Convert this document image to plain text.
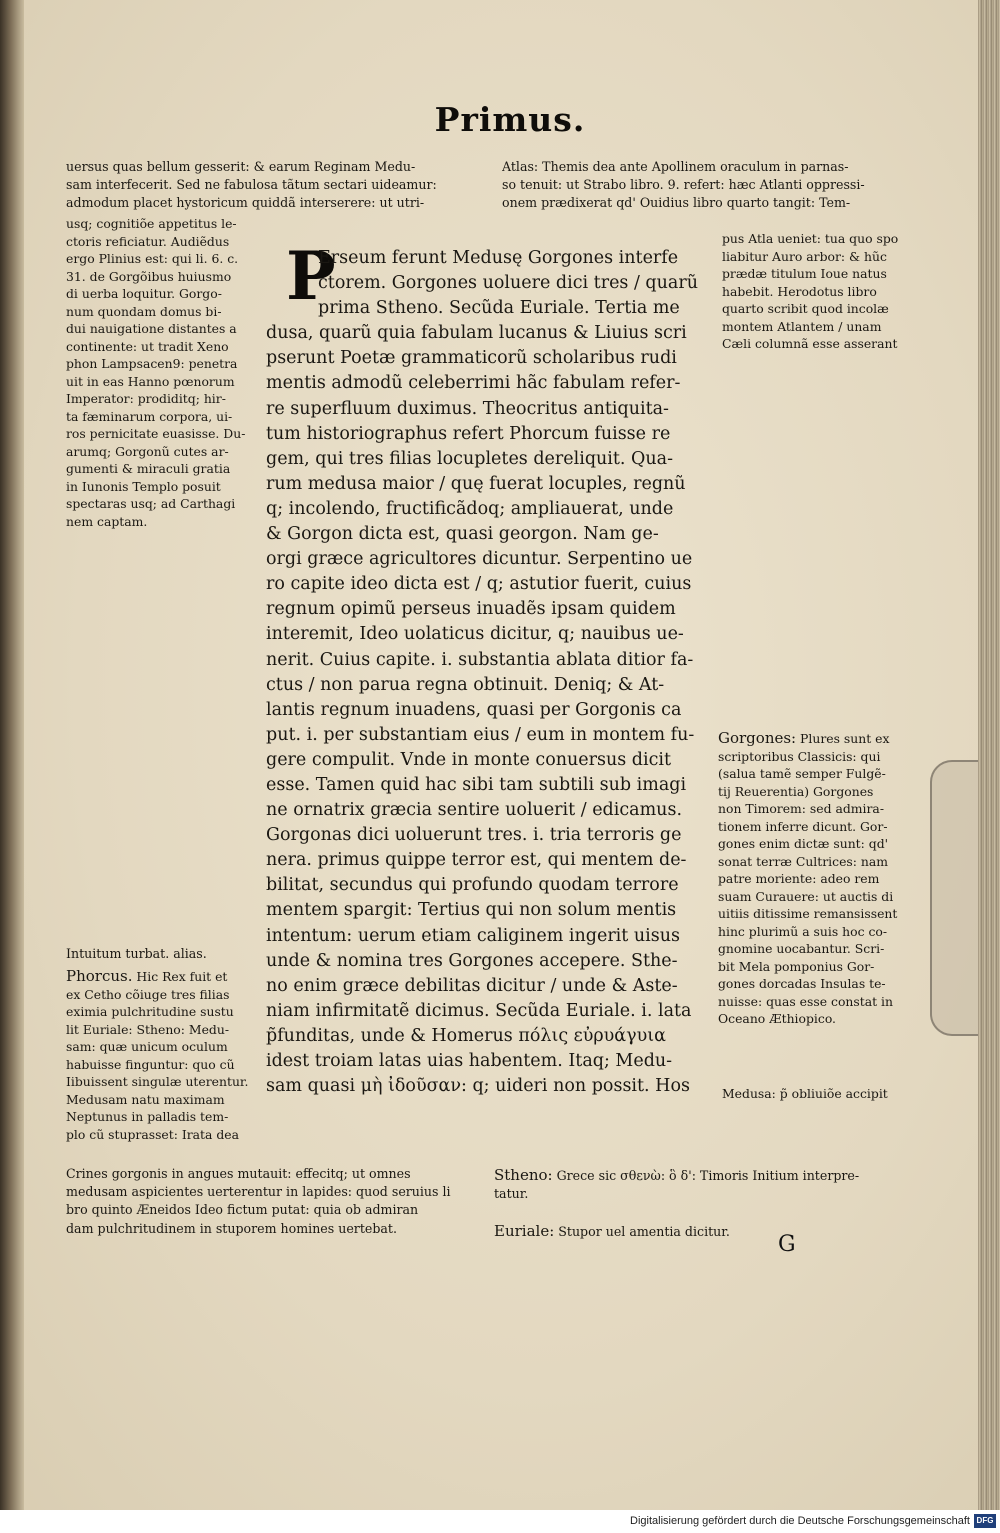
Primus.
uersus quas bellum gesserit: & earum Reginam Medu-
sam interfecerit. Sed ne fabulosa tãtum sectari uideamur:
admodum placet hystoricum quiddã interserere: ut utri-
Atlas: Themis dea ante Apollinem oraculum in parnas-
so tenuit: ut Strabo libro. 9. refert: hæc Atlanti oppressi-
onem prædixerat qd' Ouidius libro quarto tangit: Tem-
usq; cognitiõe appetitus le-
ctoris reficiatur. Audiẽdus
ergo Plinius est: qui li. 6. c.
31. de Gorgõibus huiusmo
di uerba loquitur. Gorgo-
num quondam domus bi-
dui nauigatione distantes a
continente: ut tradit Xeno
phon Lampsacen9: penetra
uit in eas Hanno pœnorum
Imperator: prodiditq; hir-
ta fæminarum corpora, ui-
ros pernicitate euasisse. Du-
arumq; Gorgonũ cutes ar-
gumenti & miraculi gratia
in Iunonis Templo posuit
spectaras usq; ad Carthagi
nem captam.
pus Atla ueniet: tua quo spo
liabitur Auro arbor: & hũc
prædæ titulum Ioue natus
habebit. Herodotus libro
quarto scribit quod incolæ
montem Atlantem / unam
Cæli columnã esse asserant
P
Erseum ferunt Medusę Gorgones interfe
ctorem. Gorgones uoluere dici tres / quarũ
prima Stheno. Secũda Euriale. Tertia me
dusa, quarũ quia fabulam lucanus & Liuius scri
pserunt Poetæ grammaticorũ scholaribus rudi
mentis admodũ celeberrimi hãc fabulam refer-
re superfluum duximus. Theocritus antiquita-
tum historiographus refert Phorcum fuisse re
gem, qui tres filias locupletes dereliquit. Qua-
rum medusa maior / quę fuerat locuples, regnũ
q; incolendo, fructificãdoq; ampliauerat, unde
& Gorgon dicta est, quasi georgon. Nam ge-
orgi græce agricultores dicuntur. Serpentino ue
ro capite ideo dicta est / q; astutior fuerit, cuius
regnum opimũ perseus inuadẽs ipsam quidem
interemit, Ideo uolaticus dicitur, q; nauibus ue-
nerit. Cuius capite. i. substantia ablata ditior fa-
ctus / non parua regna obtinuit. Deniq; & At-
lantis regnum inuadens, quasi per Gorgonis ca
put. i. per substantiam eius / eum in montem fu-
gere compulit. Vnde in monte conuersus dicit
esse. Tamen quid hac sibi tam subtili sub imagi
ne ornatrix græcia sentire uoluerit / edicamus.
Gorgonas dici uoluerunt tres. i. tria terroris ge
nera. primus quippe terror est, qui mentem de-
bilitat, secundus qui profundo quodam terrore
mentem spargit: Tertius qui non solum mentis
intentum: uerum etiam caliginem ingerit uisus
unde & nomina tres Gorgones accepere. Sthe-
no enim græce debilitas dicitur / unde & Aste-
niam infirmitatẽ dicimus. Secũda Euriale. i. lata
p̃funditas, unde & Homerus πόλις εὐρυάγυια
idest troiam latas uias habentem. Itaq; Medu-
sam quasi μὴ ἰδοῦσαν: q; uideri non possit. Hos
Gorgones: Plures sunt ex
scriptoribus Classicis: qui
(salua tamẽ semper Fulgẽ-
tij Reuerentia) Gorgones
non Timorem: sed admira-
tionem inferre dicunt. Gor-
gones enim dictæ sunt: qd'
sonat terræ Cultrices: nam
patre moriente: adeo rem
suam Curauere: ut auctis di
uitiis ditissime remansissent
hinc plurimũ a suis hoc co-
gnomine uocabantur. Scri-
bit Mela pomponius Gor-
gones dorcadas Insulas te-
nuisse: quas esse constat in
Oceano Æthiopico.
Medusa: p̃ obliuiõe accipit
Intuitum turbat. alias.
Phorcus. Hic Rex fuit et
ex Cetho cõiuge tres filias
eximia pulchritudine sustu
lit Euriale: Stheno: Medu-
sam: quæ unicum oculum
habuisse finguntur: quo cũ
Iibuissent singulæ uterentur.
Medusam natu maximam
Neptunus in palladis tem-
plo cũ stuprasset: Irata dea
Crines gorgonis in angues mutauit: effecitq; ut omnes
medusam aspicientes uerterentur in lapides: quod seruius li
bro quinto Æneidos Ideo fictum putat: quia ob admiran
dam pulchritudinem in stuporem homines uertebat.
Stheno: Grece sic σθενὼ: ὃ δ': Timoris Initium interpre-
tatur.
Euriale: Stupor uel amentia dicitur.
G
Digitalisierung gefördert durch die Deutsche Forschungsgemeinschaft DFG
